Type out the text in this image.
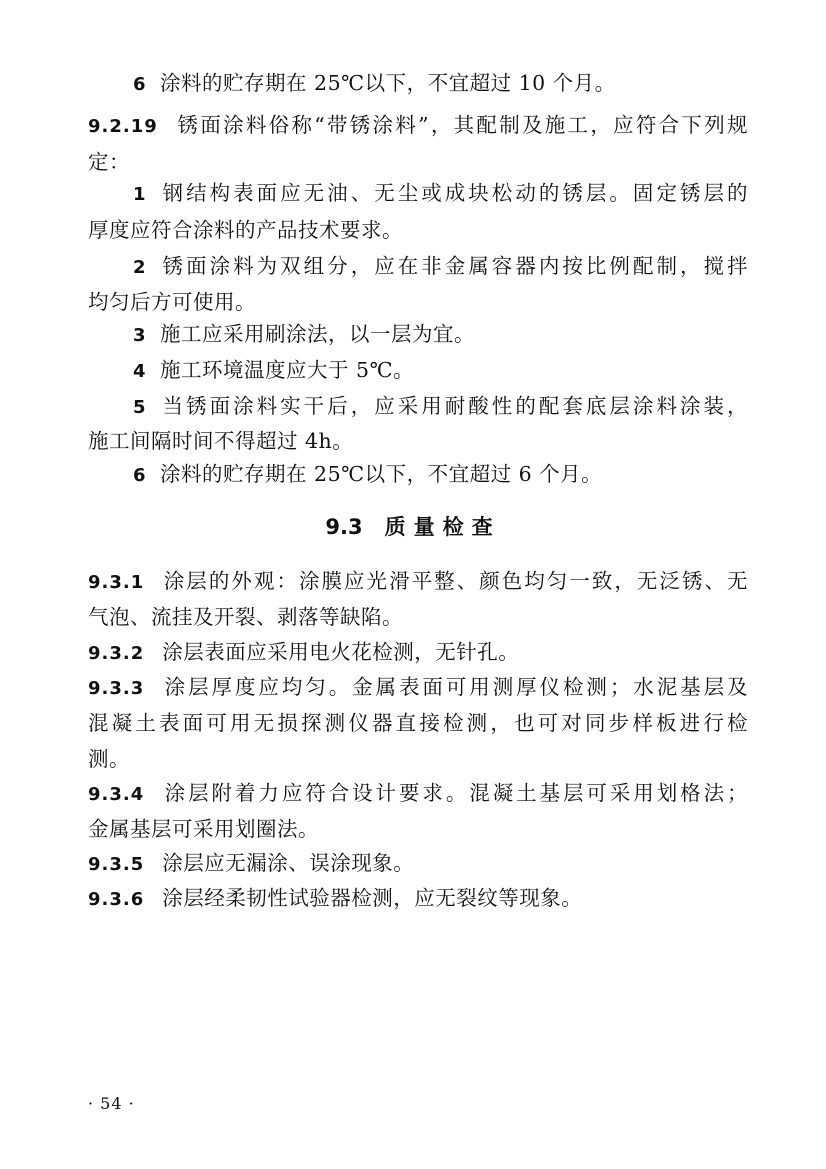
6 涂料的贮存期在 25℃以下，不宜超过 10 个月。
9.2.19 锈面涂料俗称“带锈涂料”，其配制及施工，应符合下列规
定：
1 钢结构表面应无油、无尘或成块松动的锈层。固定锈层的
厚度应符合涂料的产品技术要求。
2 锈面涂料为双组分，应在非金属容器内按比例配制，搅拌
均匀后方可使用。
3 施工应采用刷涂法，以一层为宜。
4 施工环境温度应大于 5℃。
5 当锈面涂料实干后，应采用耐酸性的配套底层涂料涂装，
施工间隔时间不得超过 4h。
6 涂料的贮存期在 25℃以下，不宜超过 6 个月。
9.3 质量检查
9.3.1 涂层的外观：涂膜应光滑平整、颜色均匀一致，无泛锈、无
气泡、流挂及开裂、剥落等缺陷。
9.3.2 涂层表面应采用电火花检测，无针孔。
9.3.3 涂层厚度应均匀。金属表面可用测厚仪检测；水泥基层及
混凝土表面可用无损探测仪器直接检测，也可对同步样板进行检
测。
9.3.4 涂层附着力应符合设计要求。混凝土基层可采用划格法；
金属基层可采用划圈法。
9.3.5 涂层应无漏涂、误涂现象。
9.3.6 涂层经柔韧性试验器检测，应无裂纹等现象。
· 54 ·
